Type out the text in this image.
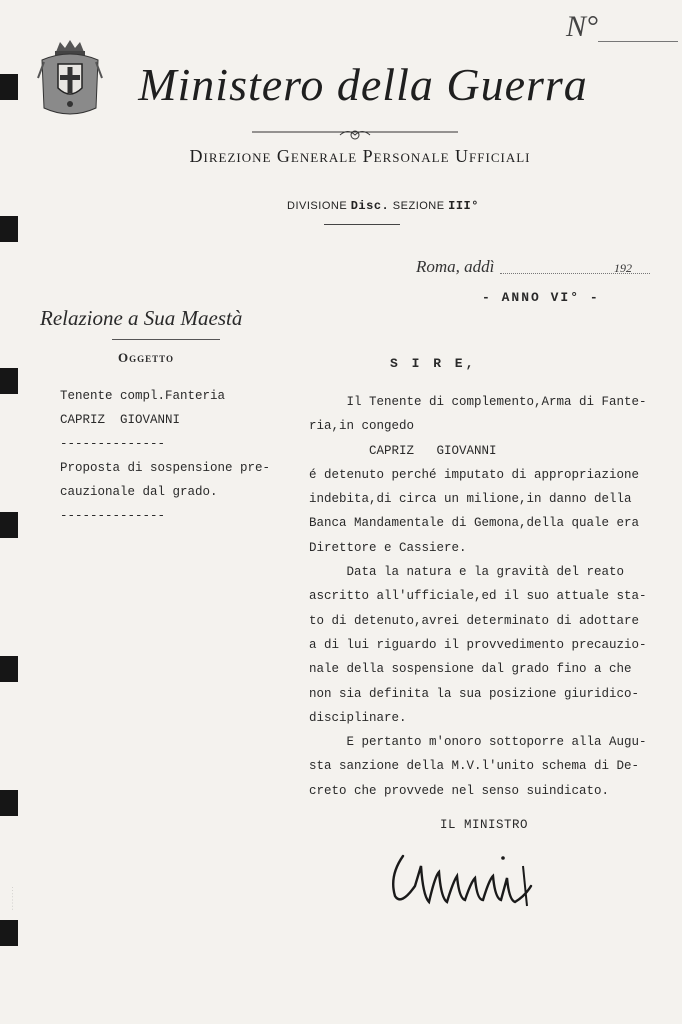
N°
Ministero della Guerra
Direzione Generale Personale Ufficiali
DIVISIONE Disc. SEZIONE III°
Roma, addì	192
- ANNO VI° -
Relazione a Sua Maestà
Oggetto
Tenente compl.Fanteria
CAPRIZ  GIOVANNI
--------------
Proposta di sospensione pre-
cauzionale dal grado.
--------------
S I R E,
Il Tenente di complemento,Arma di Fante-
ria,in congedo
CAPRIZ   GIOVANNI
é detenuto perché imputato di appropriazione
indebita,di circa un milione,in danno della
Banca Mandamentale di Gemona,della quale era
Direttore e Cassiere.
Data la natura e la gravità del reato
ascritto all'ufficiale,ed il suo attuale sta-
to di detenuto,avrei determinato di adottare
a di lui riguardo il provvedimento precauzio-
nale della sospensione dal grado fino a che
non sia definita la sua posizione giuridico-
disciplinare.
E pertanto m'onoro sottoporre alla Augu-
sta sanzione della M.V.l'unito schema di De-
creto che provvede nel senso suindicato.
IL MINISTRO
· · · · · · · ·
